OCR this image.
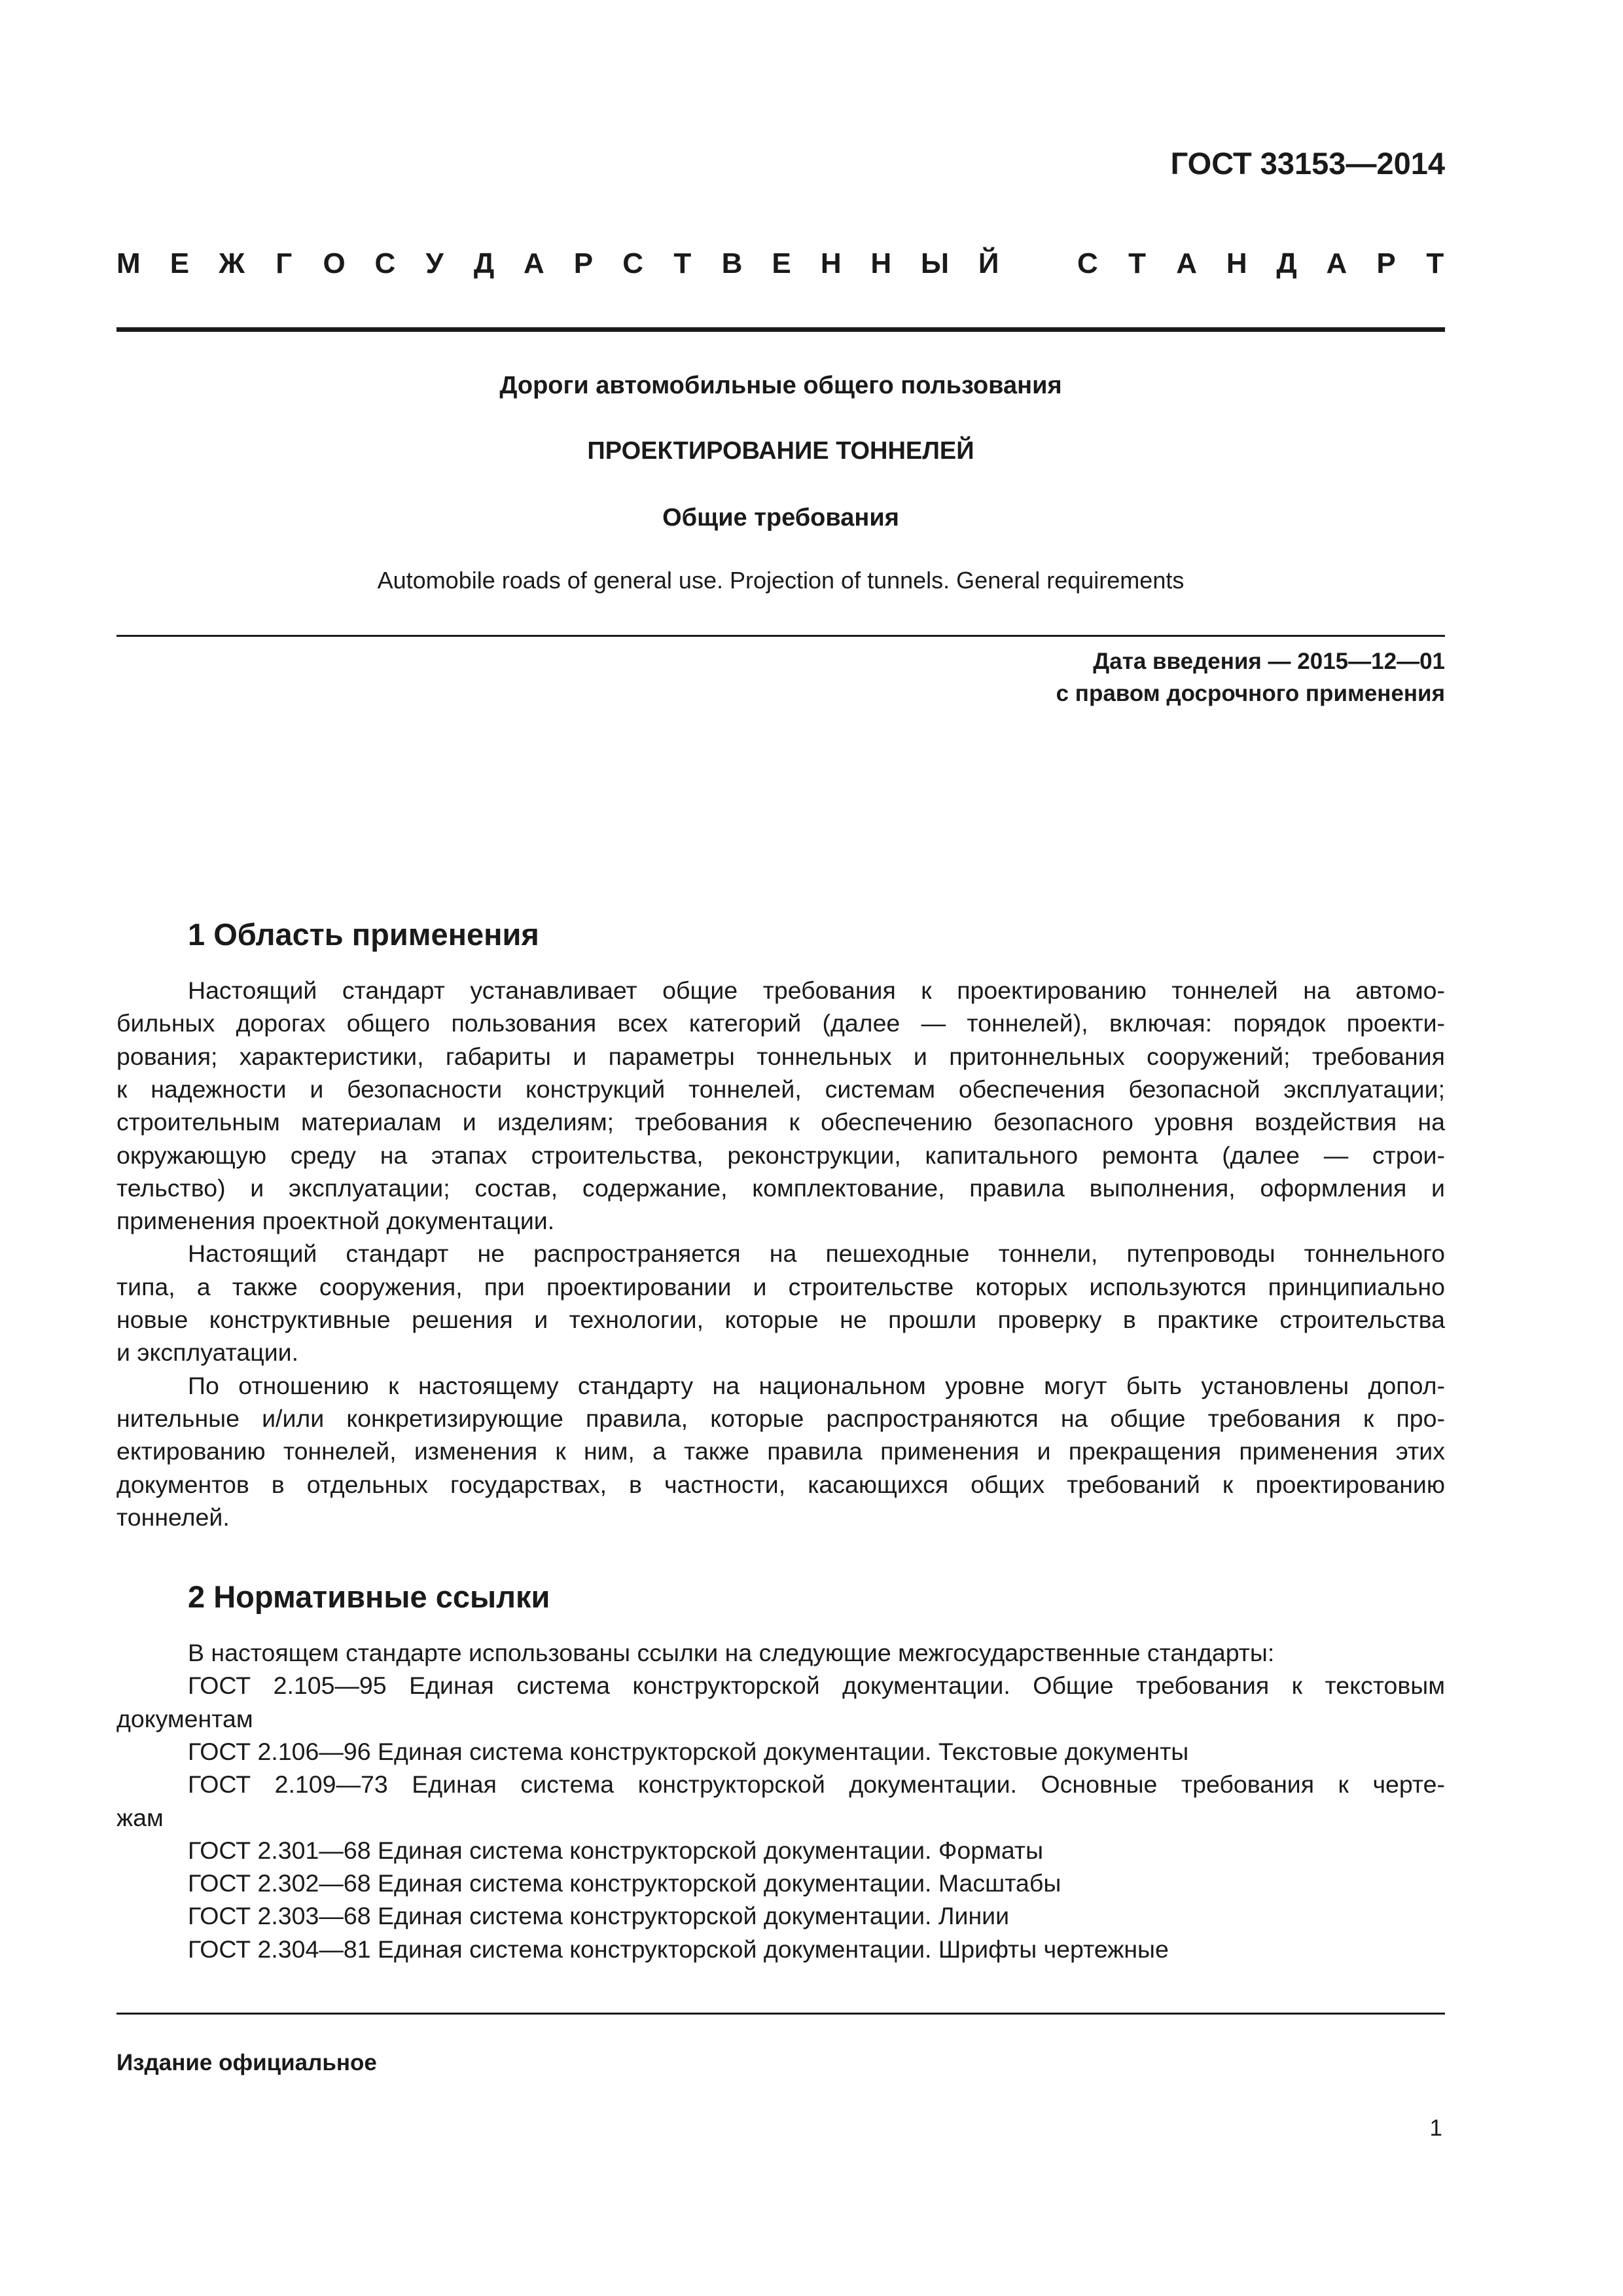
ГОСТ 33153—2014
М Е Ж Г О С У Д А Р С Т В Е Н Н Ы Й	С Т А Н Д А Р Т
Дороги автомобильные общего пользования
ПРОЕКТИРОВАНИЕ ТОННЕЛЕЙ
Общие требования
Automobile roads of general use. Projection of tunnels. General requirements
Дата введения — 2015—12—01
с правом досрочного применения
1 Область применения
Настоящий стандарт устанавливает общие требования к проектированию тоннелей на автомо-
бильных дорогах общего пользования всех категорий (далее — тоннелей), включая: порядок проекти-
рования; характеристики, габариты и параметры тоннельных и притоннельных сооружений; требования
к надежности и безопасности конструкций тоннелей, системам обеспечения безопасной эксплуатации;
строительным материалам и изделиям; требования к обеспечению безопасного уровня воздействия на
окружающую среду на этапах строительства, реконструкции, капитального ремонта (далее — строи-
тельство) и эксплуатации; состав, содержание, комплектование, правила выполнения, оформления и
применения проектной документации.
Настоящий стандарт не распространяется на пешеходные тоннели, путепроводы тоннельного
типа, а также сооружения, при проектировании и строительстве которых используются принципиально
новые конструктивные решения и технологии, которые не прошли проверку в практике строительства
и эксплуатации.
По отношению к настоящему стандарту на национальном уровне могут быть установлены допол-
нительные и/или конкретизирующие правила, которые распространяются на общие требования к про-
ектированию тоннелей, изменения к ним, а также правила применения и прекращения применения этих
документов в отдельных государствах, в частности, касающихся общих требований к проектированию
тоннелей.
2 Нормативные ссылки
В настоящем стандарте использованы ссылки на следующие межгосударственные стандарты:
ГОСТ 2.105—95 Единая система конструкторской документации. Общие требования к текстовым
документам
ГОСТ 2.106—96 Единая система конструкторской документации. Текстовые документы
ГОСТ 2.109—73 Единая система конструкторской документации. Основные требования к черте-
жам
ГОСТ 2.301—68 Единая система конструкторской документации. Форматы
ГОСТ 2.302—68 Единая система конструкторской документации. Масштабы
ГОСТ 2.303—68 Единая система конструкторской документации. Линии
ГОСТ 2.304—81 Единая система конструкторской документации. Шрифты чертежные
Издание официальное
1
